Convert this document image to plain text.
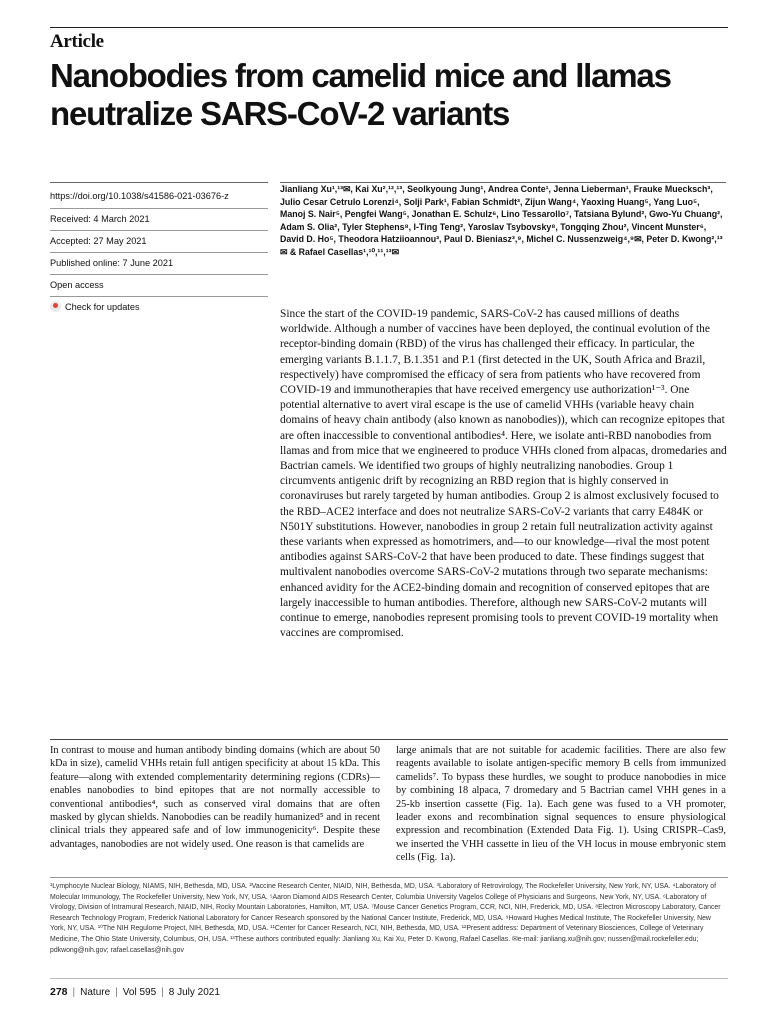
Article
Nanobodies from camelid mice and llamas neutralize SARS-CoV-2 variants
https://doi.org/10.1038/s41586-021-03676-z
Received: 4 March 2021
Accepted: 27 May 2021
Published online: 7 June 2021
Open access
Check for updates
Jianliang Xu¹,¹³✉, Kai Xu²,¹²,¹³, Seolkyoung Jung¹, Andrea Conte¹, Jenna Lieberman¹, Frauke Muecksch³, Julio Cesar Cetrulo Lorenzi⁴, Solji Park¹, Fabian Schmidt³, Zijun Wang⁴, Yaoxing Huang⁵, Yang Luo⁵, Manoj S. Nair⁵, Pengfei Wang⁵, Jonathan E. Schulz⁶, Lino Tessarollo⁷, Tatsiana Bylund², Gwo-Yu Chuang², Adam S. Olia², Tyler Stephens⁸, I-Ting Teng², Yaroslav Tsybovsky⁸, Tongqing Zhou², Vincent Munster⁶, David D. Ho⁵, Theodora Hatziioannou³, Paul D. Bieniasz³,⁹, Michel C. Nussenzweig⁴,⁹✉, Peter D. Kwong²,¹³✉ & Rafael Casellas¹,¹⁰,¹¹,¹³✉
Since the start of the COVID-19 pandemic, SARS-CoV-2 has caused millions of deaths worldwide. Although a number of vaccines have been deployed, the continual evolution of the receptor-binding domain (RBD) of the virus has challenged their efficacy. In particular, the emerging variants B.1.1.7, B.1.351 and P.1 (first detected in the UK, South Africa and Brazil, respectively) have compromised the efficacy of sera from patients who have recovered from COVID-19 and immunotherapies that have received emergency use authorization¹⁻³. One potential alternative to avert viral escape is the use of camelid VHHs (variable heavy chain domains of heavy chain antibody (also known as nanobodies)), which can recognize epitopes that are often inaccessible to conventional antibodies⁴. Here, we isolate anti-RBD nanobodies from llamas and from mice that we engineered to produce VHHs cloned from alpacas, dromedaries and Bactrian camels. We identified two groups of highly neutralizing nanobodies. Group 1 circumvents antigenic drift by recognizing an RBD region that is highly conserved in coronaviruses but rarely targeted by human antibodies. Group 2 is almost exclusively focused to the RBD–ACE2 interface and does not neutralize SARS-CoV-2 variants that carry E484K or N501Y substitutions. However, nanobodies in group 2 retain full neutralization activity against these variants when expressed as homotrimers, and—to our knowledge—rival the most potent antibodies against SARS-CoV-2 that have been produced to date. These findings suggest that multivalent nanobodies overcome SARS-CoV-2 mutations through two separate mechanisms: enhanced avidity for the ACE2-binding domain and recognition of conserved epitopes that are largely inaccessible to human antibodies. Therefore, although new SARS-CoV-2 mutants will continue to emerge, nanobodies represent promising tools to prevent COVID-19 mortality when vaccines are compromised.
In contrast to mouse and human antibody binding domains (which are about 50 kDa in size), camelid VHHs retain full antigen specificity at about 15 kDa. This feature—along with extended complementarity determining regions (CDRs)—enables nanobodies to bind epitopes that are not normally accessible to conventional antibodies⁴, such as conserved viral domains that are often masked by glycan shields. Nanobodies can be readily humanized⁵ and in recent clinical trials they appeared safe and of low immunogenicity⁶. Despite these advantages, nanobodies are not widely used. One reason is that camelids are
large animals that are not suitable for academic facilities. There are also few reagents available to isolate antigen-specific memory B cells from immunized camelids⁷. To bypass these hurdles, we sought to produce nanobodies in mice by combining 18 alpaca, 7 dromedary and 5 Bactrian camel VHH genes in a 25-kb insertion cassette (Fig. 1a). Each gene was fused to a VH promoter, leader exons and recombination signal sequences to ensure physiological expression and recombination (Extended Data Fig. 1). Using CRISPR–Cas9, we inserted the VHH cassette in lieu of the VH locus in mouse embryonic stem cells (Fig. 1a).
¹Lymphocyte Nuclear Biology, NIAMS, NIH, Bethesda, MD, USA. ²Vaccine Research Center, NIAID, NIH, Bethesda, MD, USA. ³Laboratory of Retrovirology, The Rockefeller University, New York, NY, USA. ⁴Laboratory of Molecular Immunology, The Rockefeller University, New York, NY, USA. ⁵Aaron Diamond AIDS Research Center, Columbia University Vagelos College of Physicians and Surgeons, New York, NY, USA. ⁶Laboratory of Virology, Division of Intramural Research, NIAID, NIH, Rocky Mountain Laboratories, Hamilton, MT, USA. ⁷Mouse Cancer Genetics Program, CCR, NCI, NIH, Frederick, MD, USA. ⁸Electron Microscopy Laboratory, Cancer Research Technology Program, Frederick National Laboratory for Cancer Research sponsored by the National Cancer Institute, Frederick, MD, USA. ⁹Howard Hughes Medical Institute, The Rockefeller University, New York, NY, USA. ¹⁰The NIH Regulome Project, NIH, Bethesda, MD, USA. ¹¹Center for Cancer Research, NCI, NIH, Bethesda, MD, USA. ¹²Present address: Department of Veterinary Biosciences, College of Veterinary Medicine, The Ohio State University, Columbus, OH, USA. ¹³These authors contributed equally: Jianliang Xu, Kai Xu, Peter D. Kwong, Rafael Casellas. ✉e-mail: jianliang.xu@nih.gov; nussen@mail.rockefeller.edu; pdkwong@nih.gov; rafael.casellas@nih.gov
278 | Nature | Vol 595 | 8 July 2021
